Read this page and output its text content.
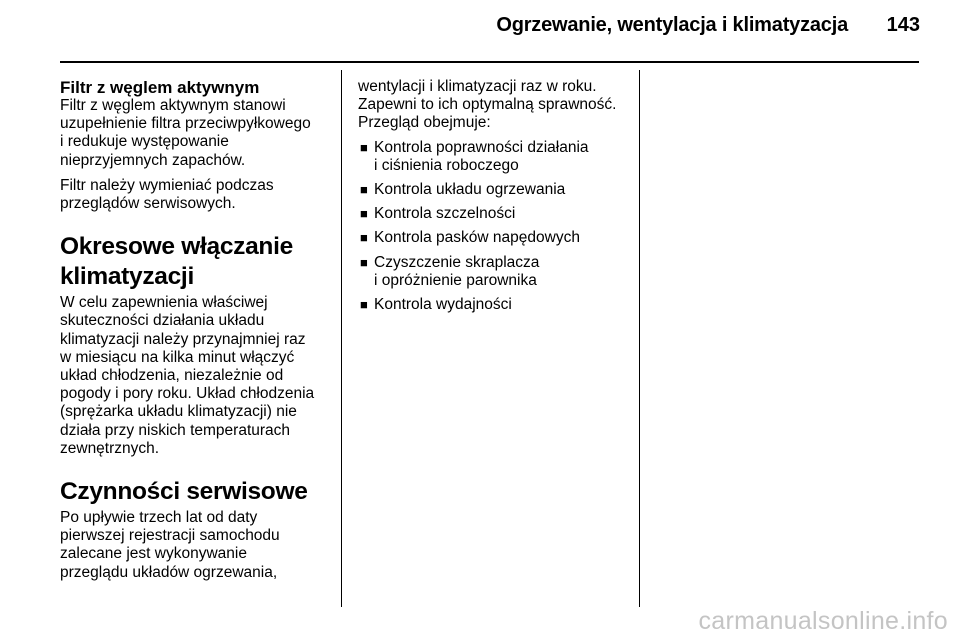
Ogrzewanie, wentylacja i klimatyzacja	143
Filtr z węglem aktywnym

Filtr z węglem aktywnym stanowi
uzupełnienie filtra przeciwpyłkowego
i redukuje występowanie
nieprzyjemnych zapachów.

Filtr należy wymieniać podczas
przeglądów serwisowych.

Okresowe włączanie
klimatyzacji

W celu zapewnienia właściwej
skuteczności działania układu
klimatyzacji należy przynajmniej raz
w miesiącu na kilka minut włączyć
układ chłodzenia, niezależnie od
pogody i pory roku. Układ chłodzenia
(sprężarka układu klimatyzacji) nie
działa przy niskich temperaturach
zewnętrznych.

Czynności serwisowe

Po upływie trzech lat od daty
pierwszej rejestracji samochodu
zalecane jest wykonywanie
przeglądu układów ogrzewania,

wentylacji i klimatyzacji raz w roku.
Zapewni to ich optymalną sprawność.
Przegląd obejmuje:

■ Kontrola poprawności działania
i ciśnienia roboczego
■ Kontrola układu ogrzewania
■ Kontrola szczelności
■ Kontrola pasków napędowych
■ Czyszczenie skraplacza
i opróżnienie parownika
■ Kontrola wydajności
carmanualsonline.info
